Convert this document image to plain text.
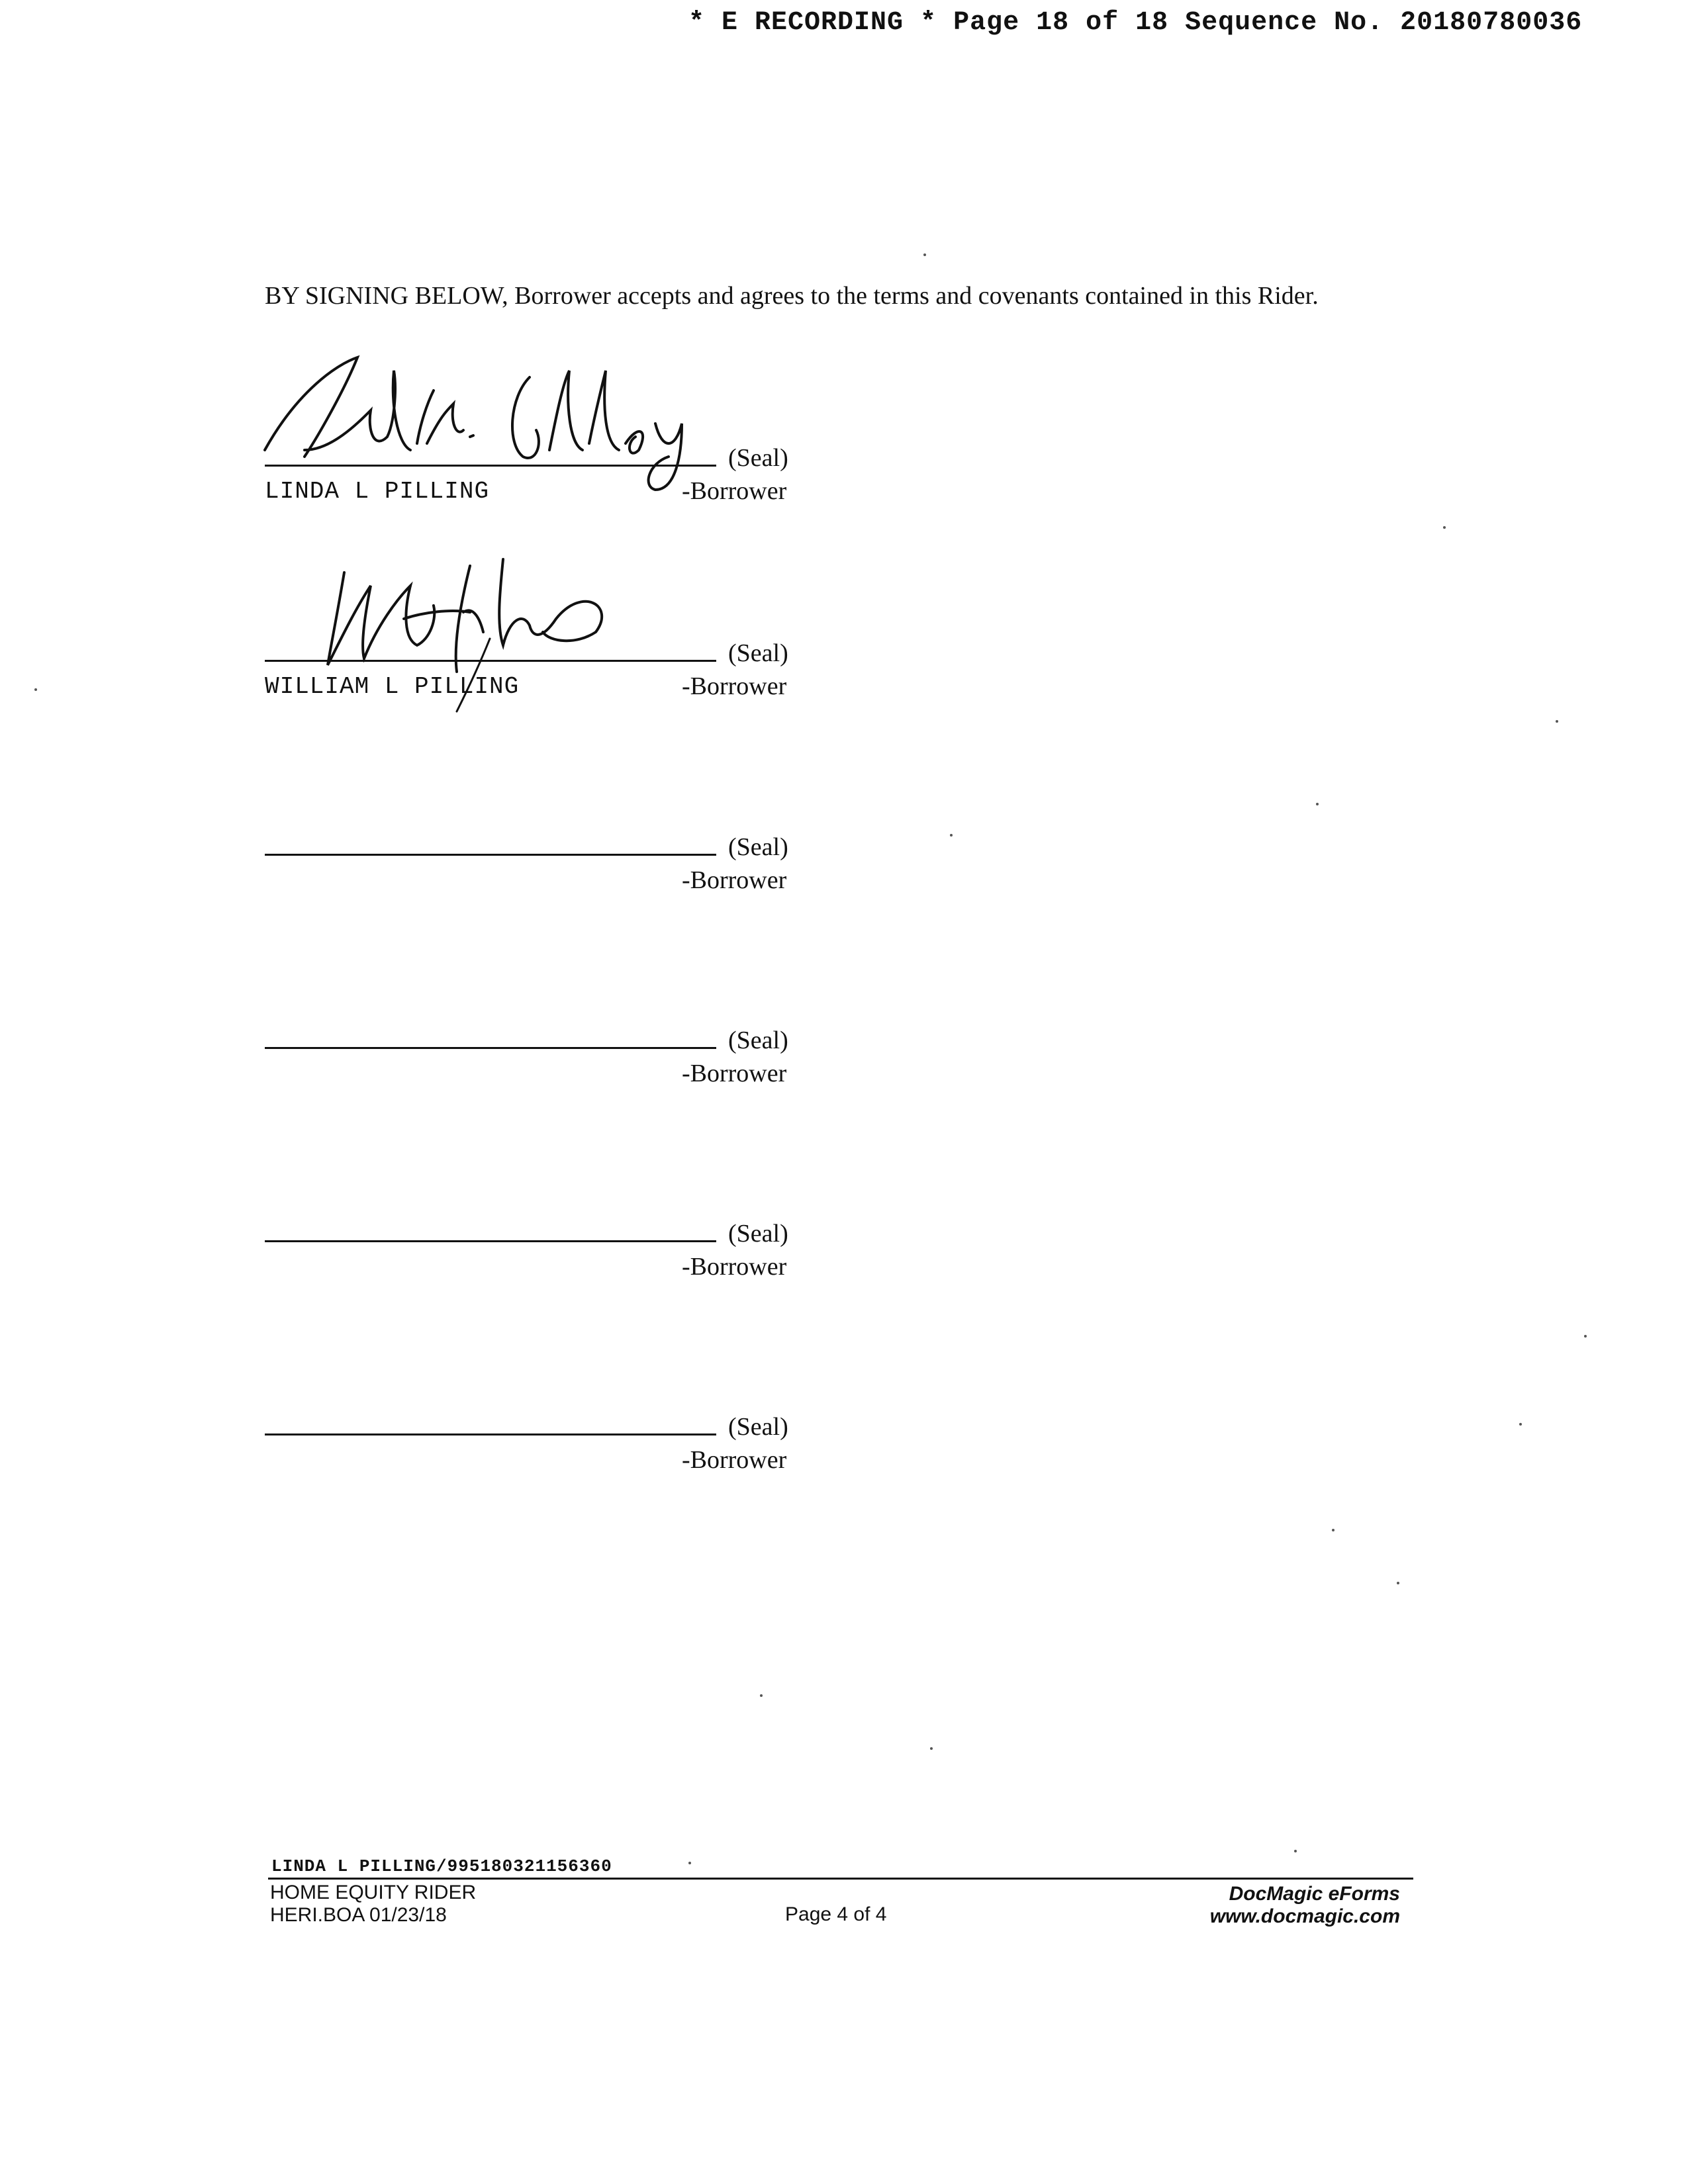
* E RECORDING * Page 18 of 18 Sequence No. 20180780036
BY SIGNING BELOW, Borrower accepts and agrees to the terms and covenants contained in this Rider.
(Seal)
LINDA L PILLING	-Borrower
(Seal)
WILLIAM L PILLING	-Borrower
(Seal)
-Borrower
(Seal)
-Borrower
(Seal)
-Borrower
(Seal)
-Borrower
LINDA L PILLING/995180321156360
HOME EQUITY RIDER
HERI.BOA 01/23/18	Page 4 of 4
DocMagic eForms
www.docmagic.com
